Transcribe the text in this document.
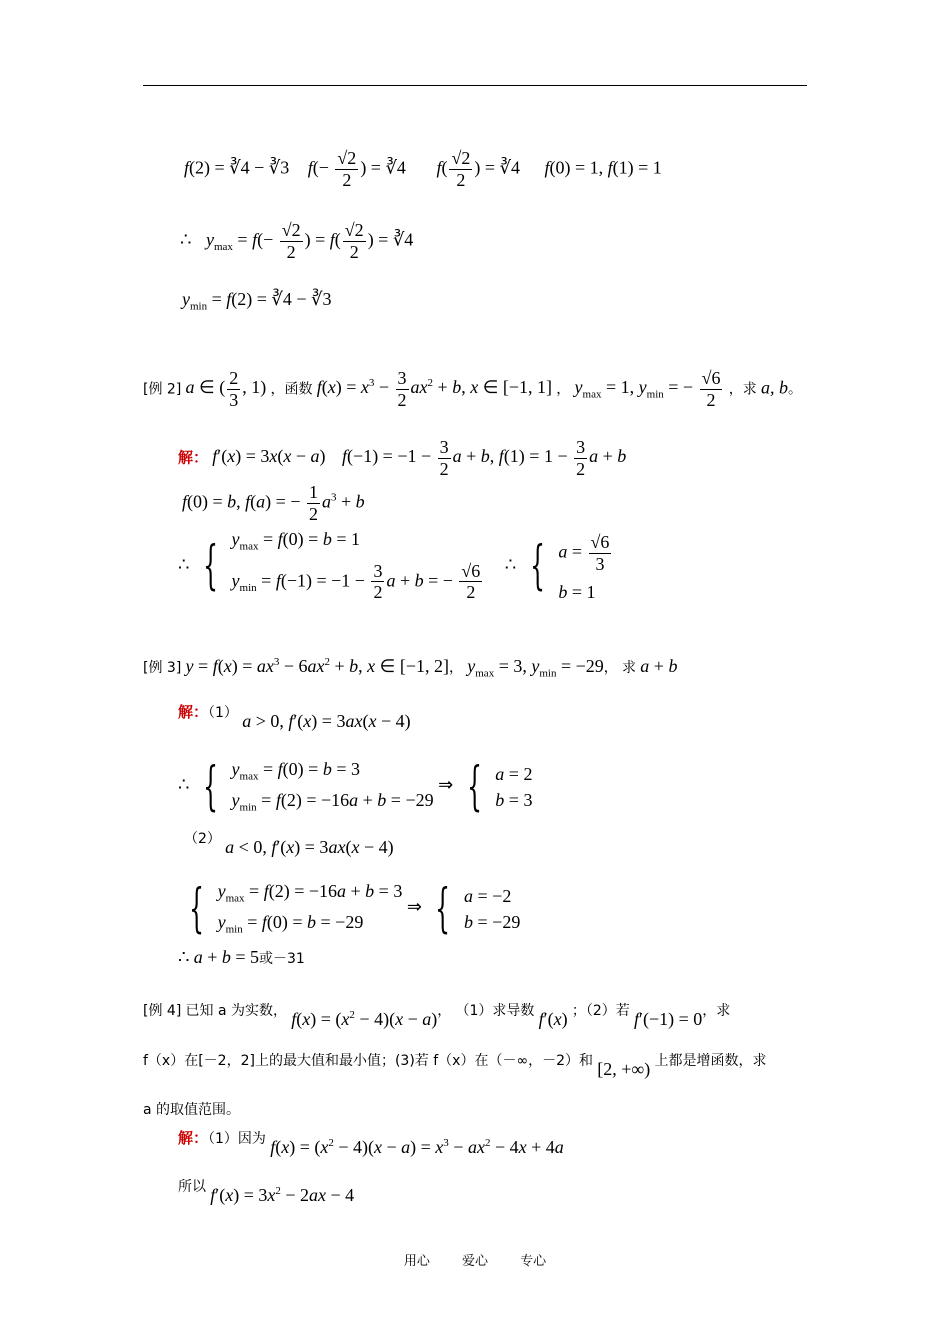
f(2) = ∛4 − ∛3 $f(- \frac{√2}{2}$ ) = ∛4 $f( \frac{√2}{2}$ ) = ∛4 f(0) = 1, f(1) = 1
∴ $y_{max} = f(- \frac{√2}{2}$ ) = $f( \frac{√2}{2}$ ) = ∛4
$y_{min} = f(2)$ = ∛4 − ∛3
[例 2] a ∈ ( $\frac{2}{3}$ , 1) ，函数 $f(x) = x^3 - \frac{3}{2} ax^2 + b$, x ∈ [−1, 1] ， $y_{max} = 1$, $y_{min}$ = − $\frac{√6}{2}$ ，求 a, b。
解： f′(x) = 3x(x − a) $f(-1) = -1 - \frac{3}{2}$ a + b, $f(1) = 1 - \frac{3}{2}$ a + b
f(0) = b, f(a) = − $\frac{1}{2} a^3 + b$
∴ { $y_{max} = f(0) = b = 1$
$y_{min} = f(-1) = -1 - \frac{3}{2}$ a + b = − $\frac{√6}{2}$ ∴ { $a = \frac{√6}{3}$
b = 1
[例 3] $y = f(x) = ax^3 - 6ax^2 + b$, x ∈ [−1, 2]， $y_{max} = 3$, $y_{min} = -29$， 求 a + b
解：（1） a > 0, f′(x) = 3ax(x − 4)
∴ { $y_{max} = f(0) = b = 3$
$y_{min} = f(2) = -16a + b = -29$
⇒ { a = 2
b = 3
（2） a < 0, f′(x) = 3ax(x − 4)
{ $y_{max} = f(2) = -16a + b = 3$
$y_{min} = f(0) = b = -29$
⇒ { a = −2
b = −29
∴ a + b = 5或－31
[例 4] 已知 a 为实数， $f(x) = (x^2 - 4)(x - a)$， （1）求导数 f′(x) ；（2）若 f′(−1) = 0，求
f（x）在[－2，2]上的最大值和最小值；(3)若 f（x）在（－∞，－2）和 [2, +∞) 上都是增函数，求
a 的取值范围。
解：（1）因为 $f(x) = (x^2 - 4)(x - a) = x^3 - ax^2 - 4x + 4a$
所以 $f'(x) = 3x^2 - 2ax - 4$
用心 爱心 专心
